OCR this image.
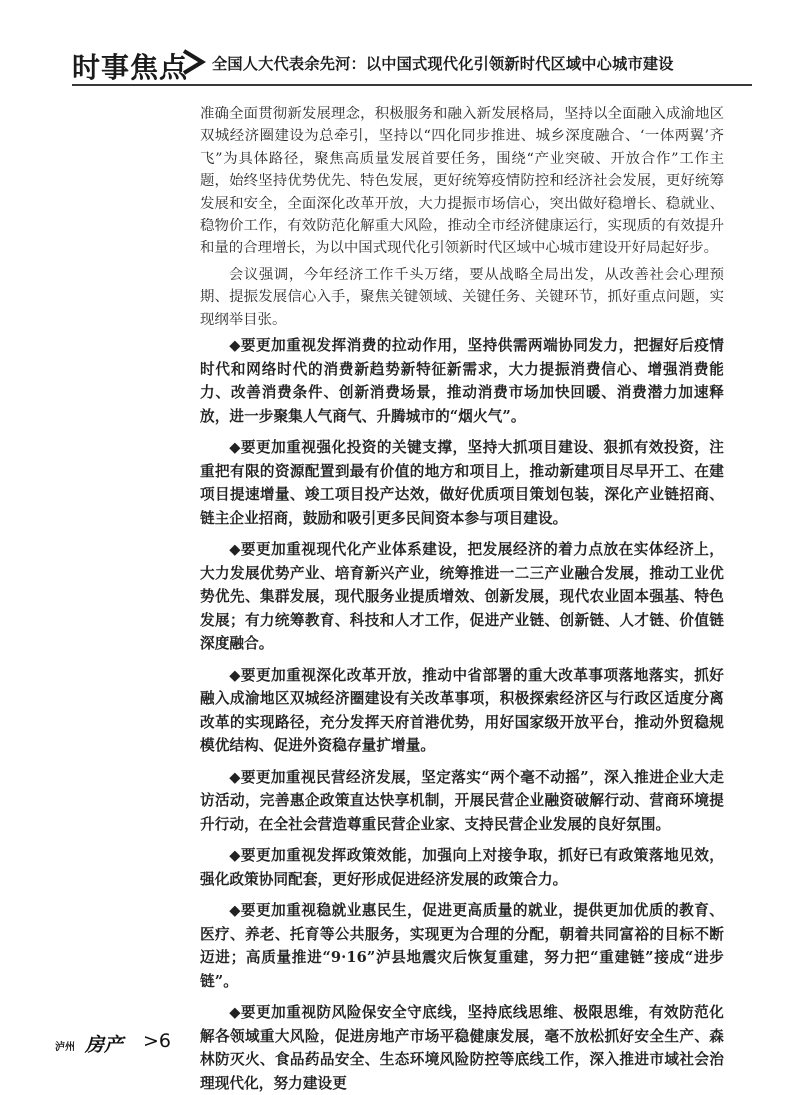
时事焦点 全国人大代表余先河：以中国式现代化引领新时代区域中心城市建设

准确全面贯彻新发展理念，积极服务和融入新发展格局，坚持以全面融入成渝地区双城经济圈建设为总牵引，坚持以“四化同步推进、城乡深度融合、‘一体两翼’齐飞”为具体路径，聚焦高质量发展首要任务，围绕“产业突破、开放合作”工作主题，始终坚持优势优先、特色发展，更好统筹疫情防控和经济社会发展，更好统筹发展和安全，全面深化改革开放，大力提振市场信心，突出做好稳增长、稳就业、稳物价工作，有效防范化解重大风险，推动全市经济健康运行，实现质的有效提升和量的合理增长，为以中国式现代化引领新时代区域中心城市建设开好局起好步。

会议强调，今年经济工作千头万绪，要从战略全局出发，从改善社会心理预期、提振发展信心入手，聚焦关键领域、关键任务、关键环节，抓好重点问题，实现纲举目张。

◆要更加重视发挥消费的拉动作用，坚持供需两端协同发力，把握好后疫情时代和网络时代的消费新趋势新特征新需求，大力提振消费信心、增强消费能力、改善消费条件、创新消费场景，推动消费市场加快回暖、消费潜力加速释放，进一步聚集人气商气、升腾城市的“烟火气”。

◆要更加重视强化投资的关键支撑，坚持大抓项目建设、狠抓有效投资，注重把有限的资源配置到最有价值的地方和项目上，推动新建项目尽早开工、在建项目提速增量、竣工项目投产达效，做好优质项目策划包装，深化产业链招商、链主企业招商，鼓励和吸引更多民间资本参与项目建设。

◆要更加重视现代化产业体系建设，把发展经济的着力点放在实体经济上，大力发展优势产业、培育新兴产业，统筹推进一二三产业融合发展，推动工业优势优先、集群发展，现代服务业提质增效、创新发展，现代农业固本强基、特色发展；有力统筹教育、科技和人才工作，促进产业链、创新链、人才链、价值链深度融合。

◆要更加重视深化改革开放，推动中省部署的重大改革事项落地落实，抓好融入成渝地区双城经济圈建设有关改革事项，积极探索经济区与行政区适度分离改革的实现路径，充分发挥天府首港优势，用好国家级开放平台，推动外贸稳规模优结构、促进外资稳存量扩增量。

◆要更加重视民营经济发展，坚定落实“两个毫不动摇”，深入推进企业大走访活动，完善惠企政策直达快享机制，开展民营企业融资破解行动、营商环境提升行动，在全社会营造尊重民营企业家、支持民营企业发展的良好氛围。

◆要更加重视发挥政策效能，加强向上对接争取，抓好已有政策落地见效，强化政策协同配套，更好形成促进经济发展的政策合力。

◆要更加重视稳就业惠民生，促进更高质量的就业，提供更加优质的教育、医疗、养老、托育等公共服务，实现更为合理的分配，朝着共同富裕的目标不断迈进；高质量推进“9·16”泸县地震灾后恢复重建，努力把“重建链”接成“进步链”。

◆要更加重视防风险保安全守底线，坚持底线思维、极限思维，有效防范化解各领域重大风险，促进房地产市场平稳健康发展，毫不放松抓好安全生产、森林防灭火、食品药品安全、生态环境风险防控等底线工作，深入推进市域社会治理现代化，努力建设更

泸州 房产 >6
